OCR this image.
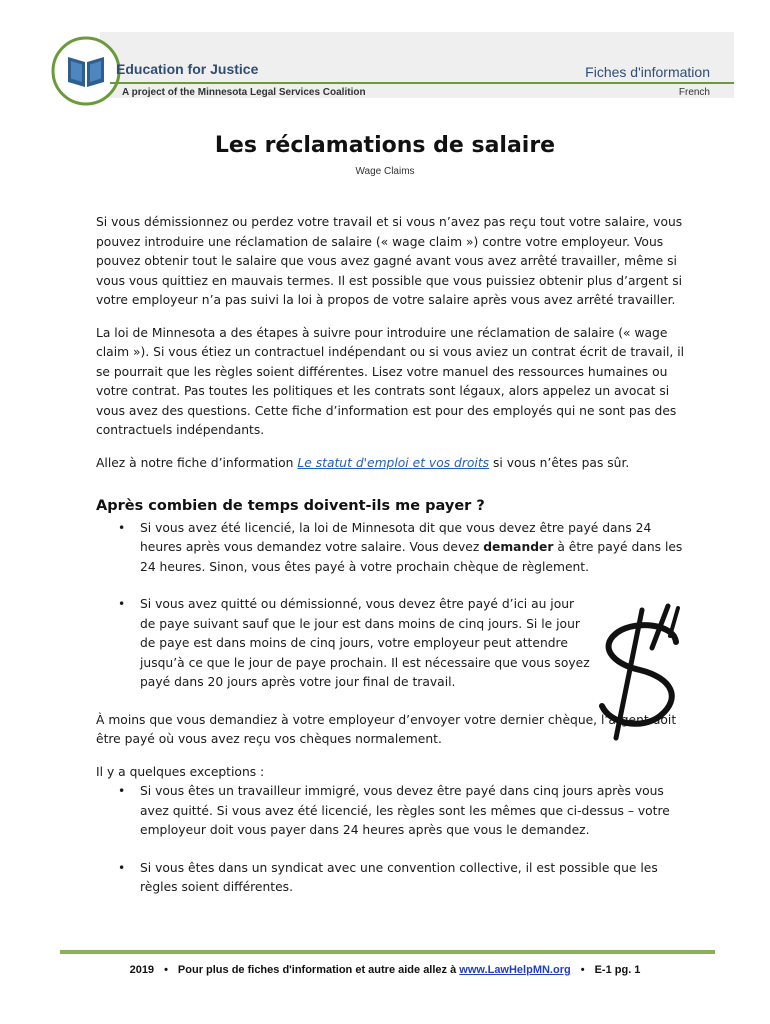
Education for Justice
A project of the Minnesota Legal Services Coalition
Fiches d'information
French
Les réclamations de salaire
Wage Claims

Si vous démissionnez ou perdez votre travail et si vous n’avez pas reçu tout votre salaire, vous pouvez introduire une réclamation de salaire (« wage claim ») contre votre employeur. Vous pouvez obtenir tout le salaire que vous avez gagné avant vous avez arrêté travailler, même si vous vous quittiez en mauvais termes. Il est possible que vous puissiez obtenir plus d’argent si votre employeur n’a pas suivi la loi à propos de votre salaire après vous avez arrêté travailler.

La loi de Minnesota a des étapes à suivre pour introduire une réclamation de salaire (« wage claim »). Si vous étiez un contractuel indépendant ou si vous aviez un contrat écrit de travail, il se pourrait que les règles soient différentes. Lisez votre manuel des ressources humaines ou votre contrat. Pas toutes les politiques et les contrats sont légaux, alors appelez un avocat si vous avez des questions. Cette fiche d’information est pour des employés qui ne sont pas des contractuels indépendants.

Allez à notre fiche d’information Le statut d'emploi et vos droits si vous n’êtes pas sûr.

Après combien de temps doivent-ils me payer ?
• Si vous avez été licencié, la loi de Minnesota dit que vous devez être payé dans 24 heures après vous demandez votre salaire. Vous devez demander à être payé dans les 24 heures. Sinon, vous êtes payé à votre prochain chèque de règlement.
• Si vous avez quitté ou démissionné, vous devez être payé d’ici au jour de paye suivant sauf que le jour est dans moins de cinq jours. Si le jour de paye est dans moins de cinq jours, votre employeur peut attendre jusqu’à ce que le jour de paye prochain. Il est nécessaire que vous soyez payé dans 20 jours après votre jour final de travail.

À moins que vous demandiez à votre employeur d’envoyer votre dernier chèque, l’argent doit être payé où vous avez reçu vos chèques normalement.

Il y a quelques exceptions :

• Si vous êtes un travailleur immigré, vous devez être payé dans cinq jours après vous avez quitté. Si vous avez été licencié, les règles sont les mêmes que ci-dessus – votre employeur doit vous payer dans 24 heures après que vous le demandez.
• Si vous êtes dans un syndicat avec une convention collective, il est possible que les règles soient différentes.
2019 • Pour plus de fiches d'information et autre aide allez à www.LawHelpMN.org • E-1 pg. 1
